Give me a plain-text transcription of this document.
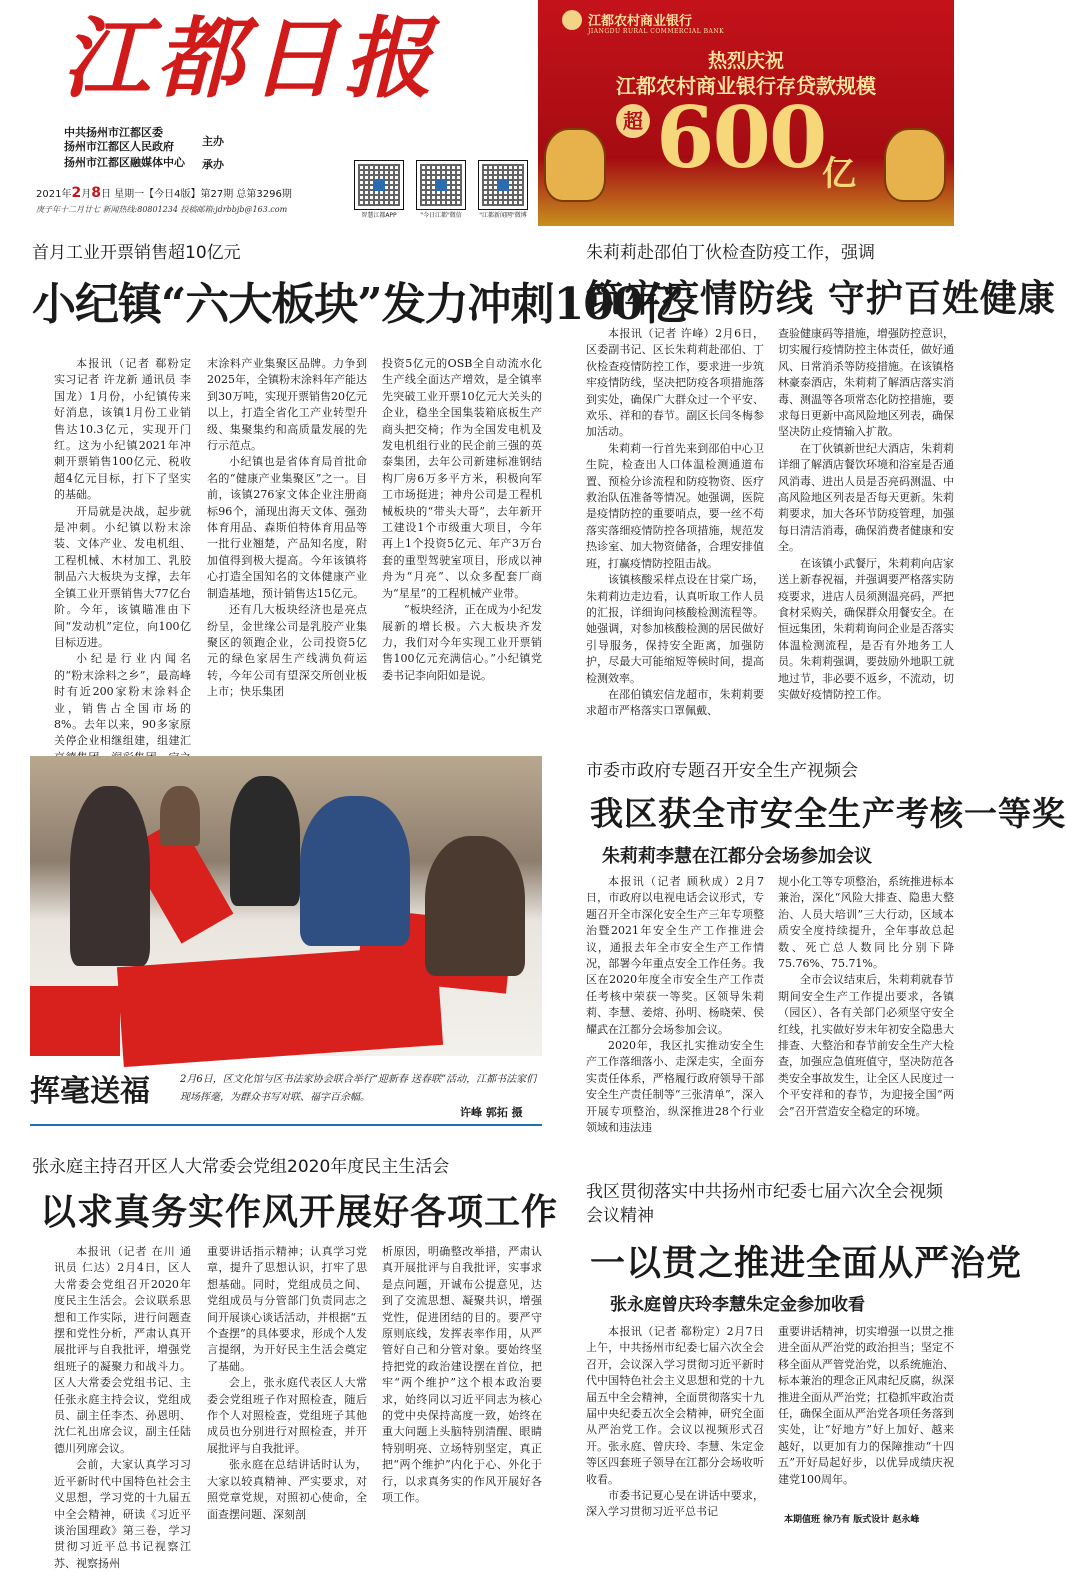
江都日报
中共扬州市江都区委
扬州市江都区人民政府
扬州市江都区融媒体中心
主办
承办
2021年2月8日 星期一【今日4版】第27期 总第3296期
庚子年十二月廿七 新闻热线:80801234 投稿邮箱:jdrbbjb@163.com
智慧江都APP	"今日江都"微信	"江都新闻网"微博
江都农村商业银行
JIANGDU RURAL COMMERCIAL BANK
热烈庆祝
江都农村商业银行存贷款规模
超 600
亿
首月工业开票销售超10亿元
小纪镇“六大板块”发力冲刺100亿

本报讯（记者 郗粉定 实习记者 许龙新 通讯员 李国龙）1月份，小纪镇传来好消息，该镇1月份工业销售达10.3亿元，实现开门红。这为小纪镇2021年冲刺开票销售100亿元、税收超4亿元目标，打下了坚实的基础。

开局就是决战，起步就是冲刺。小纪镇以粉末涂装、文体产业、发电机组、工程机械、木材加工、乳胶制品六大板块为支撑，去年全镇工业开票销售大77亿台阶。今年，该镇瞄准由下间“发动机”定位，向100亿目标迈进。

小纪是行业内闻名的“粉末涂料之乡”，最高峰时有近200家粉末涂料企业，销售占全国市场的8%。去年以来，90多家原关停企业相继组建，组建汇

末涂料产业集聚区品牌。力争到2025年，全镇粉末涂料年产能达到30万吨，实现开票销售20亿元以上，打造全省化工产业转型升级、集聚集约和高质量发展的先行示范点。

小纪镇也是省体育局首批命名的“健康产业集聚区”之一。目前，该镇276家文体企业注册商标96个，涌现出海天文体、强劲体育用品、森斯伯特体育用品等一批行业翘楚，产品知名度，附加值得到极大提高。今年该镇将心打造全国知名的文体健康产业制造基地，预计销售达15亿元。

还有几大板块经济也是亮点纷呈，金世缘公司是乳胶产业集聚区的领跑企业，公司投资5亿元的绿色家居生产线满负荷运转，今年公司有望深交所创业板上市；快乐集团

投资5亿元的OSB全自动流水化生产线全面达产增效，是全镇率先突破工业开票10亿元大关头的企业，稳坐全国集装箱底板生产商头把交椅；作为全国发电机及发电机组行业的民企前三强的英泰集团，去年公司新建标准钢结构厂房6万多平方米，积极向军工市场挺进；神舟公司是工程机械板块的“带头大哥”，去年新开工建设1个市级重大项目，今年再上1个投资5亿元、年产3万台套的重型驾驶室项目，形成以神舟为“月亮”、以众多配套厂商为“星星”的工程机械产业带。

“板块经济，正在成为小纪发展新的增长极。六大板块齐发力，我们对今年实现工业开票销售100亿元充满信心。”小纪镇党委书记李向阳如是说。

朱莉莉赴邵伯丁伙检查防疫工作，强调
筑牢疫情防线 守护百姓健康

本报讯（记者 许峰）2月6日，区委副书记、区长朱莉莉赴邵伯、丁伙检查疫情防控工作，要求进一步筑牢疫情防线，坚决把防疫各项措施落到实处，确保广大群众过一个平安、欢乐、祥和的春节。副区长闫冬梅参加活动。

朱莉莉一行首先来到邵伯中心卫生院，检查出人口体温检测通道布置、预检分诊流程和防疫物资、医疗救治队伍准备等情况。她强调，医院是疫情防控的重要哨点，要一丝不苟落实落细疫情防控各项措施，规范发热诊室、加大物资储备，合理安排值班，打赢疫情防控阻击战。

该镇核酸采样点设在甘棠广场，朱莉莉边走边看，认真听取工作人员的汇报，详细询问核酸检测流程等。她强调，对参加核酸检测的居民做好引导服务，保持安全距离，加强防护，尽最大可能缩短等候时间，提高检测效率。

在邵伯镇宏信龙超市，朱莉莉要求超市严格落实口罩佩戴、

查验健康码等措施，增强防控意识，切实履行疫情防控主体责任，做好通风、日常消杀等防疫措施。在该镇格林豪泰酒店，朱莉莉了解酒店落实消毒、测温等各项常态化防控措施，要求每日更新中高风险地区列表，确保坚决防止疫情输入扩散。

在丁伙镇新世纪大酒店，朱莉莉详细了解酒店餐饮环境和浴室是否通风消毒、进出人员是否亮码测温、中高风险地区列表是否每天更新。朱莉莉要求，加大各环节防疫管理，加强每日清洁消毒，确保消费者健康和安全。

在该镇小武餐厅，朱莉莉向店家送上新春祝福，并强调要严格落实防疫要求，进店人员须测温亮码，严把食材采购关，确保群众用餐安全。在恒远集团，朱莉莉询问企业是否落实体温检测流程，是否有外地务工人员。朱莉莉强调，要鼓励外地职工就地过节，非必要不返乡，不流动，切实做好疫情防控工作。

挥毫送福	2月6日，区文化馆与区书法家协会联合举行“迎新春 送春联”活动，江都书法家们现场挥毫，为群众书写对联、福字百余幅。
许峰 郭拓 摄
市委市政府专题召开安全生产视频会
我区获全市安全生产考核一等奖
朱莉莉李慧在江都分会场参加会议

本报讯（记者 顾秋成）2月7日，市政府以电视电话会议形式，专题召开全市深化安全生产三年专项整治暨2021年安全生产工作推进会议，通报去年全市安全生产工作情况，部署今年重点安全工作任务。我区在2020年度全市安全生产工作责任考核中荣获一等奖。区领导朱莉莉、李慧、姜熔、孙明、杨晓荣、侯耀武在江都分会场参加会议。

2020年，我区扎实推动安全生产工作落细落小、走深走实，全面夯实责任体系，严格履行政府领导干部安全生产责任制等“三张清单”，深入开展专项整治，纵深推进28个行业领域和违法违

规小化工等专项整治，系统推进标本兼治，深化“风险大排查、隐患大整治、人员大培训”三大行动，区域本质安全度持续提升，全年事故总起数、死亡总人数同比分别下降75.76%、75.71%。

全市会议结束后，朱莉莉就春节期间安全生产工作提出要求，各镇（园区）、各有关部门必须坚守安全红线，扎实做好岁末年初安全隐患大排查、大整治和春节前安全生产大检查，加强应急值班值守，坚决防范各类安全事故发生，让全区人民度过一个平安祥和的春节，为迎接全国“两会”召开营造安全稳定的环境。

张永庭主持召开区人大常委会党组2020年度民主生活会
以求真务实作风开展好各项工作

本报讯（记者 在川 通讯员 仁达）2月4日，区人大常委会党组召开2020年度民主生活会。会议联系思想和工作实际，进行问题查摆和党性分析，严肃认真开展批评与自我批评，增强党组班子的凝聚力和战斗力。区人大常委会党组书记、主任张永庭主持会议，党组成员、副主任李杰、孙恩明、沈仁礼出席会议，副主任陆德川列席会议。

会前，大家认真学习习近平新时代中国特色社会主义思想，学习党的十九届五中全会精神，研读《习近平谈治国理政》第三卷，学习贯彻习近平总书记视察江苏、视察扬州

重要讲话指示精神；认真学习党章，提升了思想认识，打牢了思想基础。同时，党组成员之间、党组成员与分管部门负责同志之间开展谈心谈话活动，并根据“五个查摆”的具体要求，形成个人发言提纲，为开好民主生活会奠定了基础。

会上，张永庭代表区人大常委会党组班子作对照检查，随后作个人对照检查，党组班子其他成员也分别进行对照检查，并开展批评与自我批评。

张永庭在总结讲话时认为，大家以较真精神、严实要求，对照党章党规，对照初心使命，全面查摆问题、深刻剖

析原因，明确整改举措，严肃认真开展批评与自我批评，实事求是点问题，开诚布公提意见，达到了交流思想、凝聚共识，增强党性，促进团结的目的。要严守原则底线，发挥表率作用，从严管好自己和分管对象。要始终坚持把党的政治建设摆在首位，把牢“两个维护”这个根本政治要求，始终同以习近平同志为核心的党中央保持高度一致，始终在重大问题上头脑特别清醒、眼睛特别明亮、立场特别坚定，真正把“两个维护”内化于心、外化于行，以求真务实的作风开展好各项工作。

我区贯彻落实中共扬州市纪委七届六次全会视频会议精神
一以贯之推进全面从严治党
张永庭曾庆玲李慧朱定金参加收看

本报讯（记者 郗粉定）2月7日上午，中共扬州市纪委七届六次全会召开，会议深入学习贯彻习近平新时代中国特色社会主义思想和党的十九届五中全会精神，全面贯彻落实十九届中央纪委五次全会精神，研究全面从严治党工作。会议以视频形式召开。张永庭、曾庆玲、李慧、朱定金等区四套班子领导在江都分会场收听收看。

市委书记夏心旻在讲话中要求，深入学习贯彻习近平总书记

重要讲话精神，切实增强一以贯之推进全面从严治党的政治担当；坚定不移全面从严管党治党，以系统施治、标本兼治的理念正风肃纪反腐，纵深推进全面从严治党；扛稳抓牢政治责任，确保全面从严治党各项任务落到实处，让“好地方”好上加好、越来越好，以更加有力的保障推动“十四五”开好局起好步，以优异成绩庆祝建党100周年。

本期值班 徐乃有 版式设计 赵永峰
